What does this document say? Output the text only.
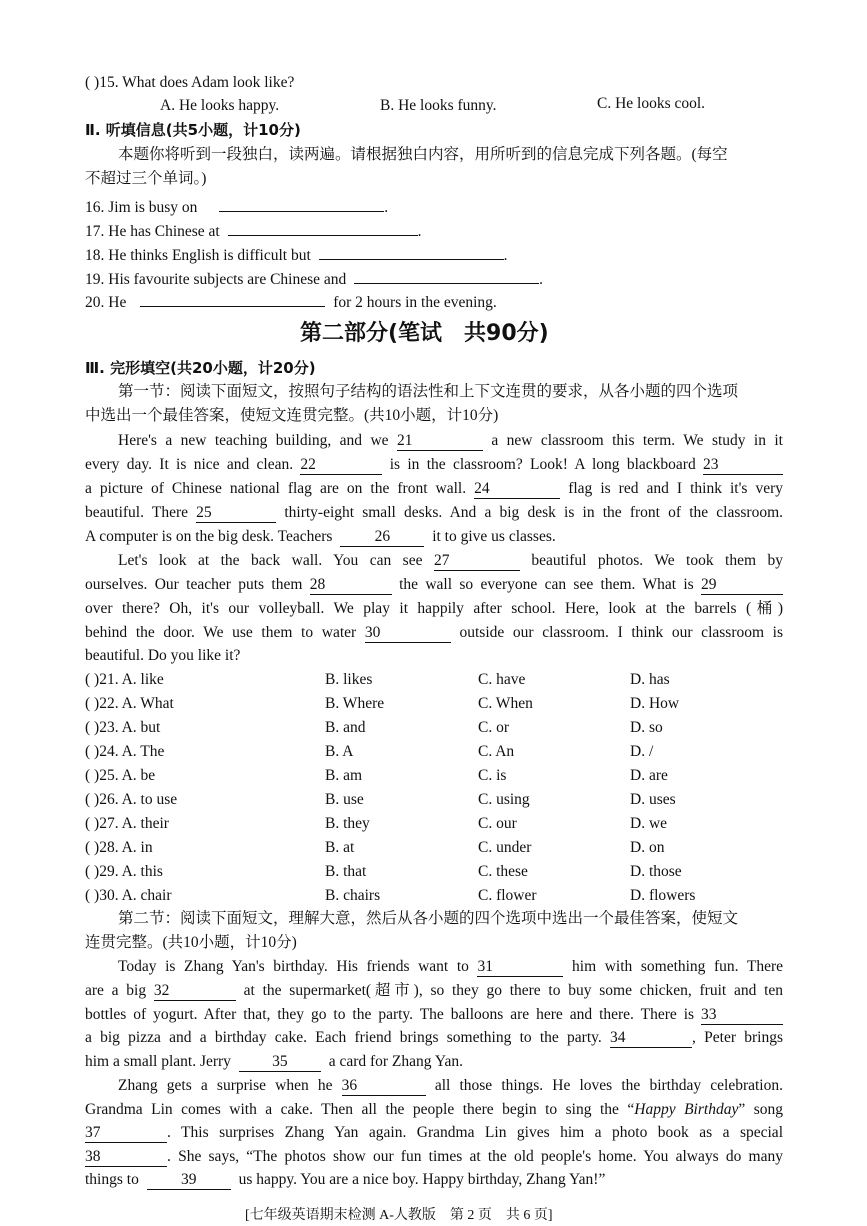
( )15. What does Adam look like?
A. He looks happy.	B. He looks funny.	C. He looks cool.
Ⅱ. 听填信息(共5小题，计10分)
本题你将听到一段独白，读两遍。请根据独白内容，用所听到的信息完成下列各题。(每空
不超过三个单词。)
16. Jim is busy on	.
17. He has Chinese at	.
18. He thinks English is difficult but	.
19. His favourite subjects are Chinese and	.
20. He	for 2 hours in the evening.
第二部分(笔试　共90分)
Ⅲ. 完形填空(共20小题，计20分)
第一节：阅读下面短文，按照句子结构的语法性和上下文连贯的要求，从各小题的四个选项
中选出一个最佳答案，使短文连贯完整。(共10小题，计10分)
Here's a new teaching building, and we 21	a new classroom this term. We study in it
every day. It is nice and clean. 22	is in the classroom? Look! A long blackboard 23
a picture of Chinese national flag are on the front wall. 24	flag is red and I think it's very
beautiful. There 25	thirty-eight small desks. And a big desk is in the front of the classroom.
A computer is on the big desk. Teachers	26	it to give us classes.
Let's look at the back wall. You can see 27	beautiful photos. We took them by
ourselves. Our teacher puts them 28	the wall so everyone can see them. What is 29
over there? Oh, it's our volleyball. We play it happily after school. Here, look at the barrels (桶)
behind the door. We use them to water 30	outside our classroom. I think our classroom is
beautiful. Do you like it?
( )21. A. like	B. likes	C. have	D. has
( )22. A. What	B. Where	C. When	D. How
( )23. A. but	B. and	C. or	D. so
( )24. A. The	B. A	C. An	D. /
( )25. A. be	B. am	C. is	D. are
( )26. A. to use	B. use	C. using	D. uses
( )27. A. their	B. they	C. our	D. we
( )28. A. in	B. at	C. under	D. on
( )29. A. this	B. that	C. these	D. those
( )30. A. chair	B. chairs	C. flower	D. flowers
第二节：阅读下面短文，理解大意，然后从各小题的四个选项中选出一个最佳答案，使短文
连贯完整。(共10小题，计10分)
Today is Zhang Yan's birthday. His friends want to 31	him with something fun. There
are a big 32	at the supermarket(超市), so they go there to buy some chicken, fruit and ten
bottles of yogurt. After that, they go to the party. The balloons are here and there. There is 33
a big pizza and a birthday cake. Each friend brings something to the party. 34	, Peter brings
him a small plant. Jerry	35	a card for Zhang Yan.
Zhang gets a surprise when he 36	all those things. He loves the birthday celebration.
Grandma Lin comes with a cake. Then all the people there begin to sing the “Happy Birthday” song
37	. This surprises Zhang Yan again. Grandma Lin gives him a photo book as a special
38	. She says, “The photos show our fun times at the old people's home. You always do many
things to	39	us happy. You are a nice boy. Happy birthday, Zhang Yan!”
[七年级英语期末检测 A-人教版　第 2 页　共 6 页]
